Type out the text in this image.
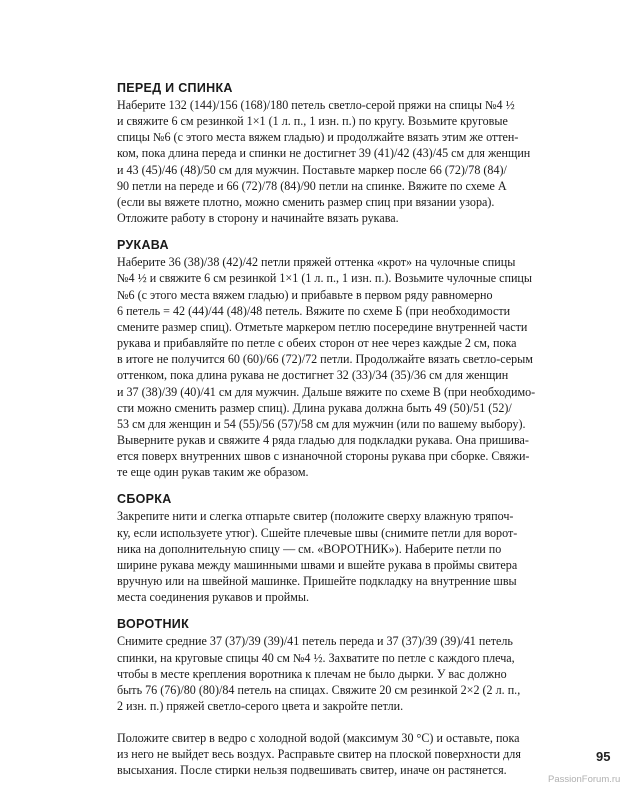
ПЕРЕД И СПИНКА

Наберите 132 (144)/156 (168)/180 петель светло-серой пряжи на спицы №4 ½
и свяжите 6 см резинкой 1×1 (1 л. п., 1 изн. п.) по кругу. Возьмите круговые
спицы №6 (с этого места вяжем гладью) и продолжайте вязать этим же оттен-
ком, пока длина переда и спинки не достигнет 39 (41)/42 (43)/45 см для женщин
и 43 (45)/46 (48)/50 см для мужчин. Поставьте маркер после 66 (72)/78 (84)/
90 петли на переде и 66 (72)/78 (84)/90 петли на спинке. Вяжите по схеме А
(если вы вяжете плотно, можно сменить размер спиц при вязании узора).
Отложите работу в сторону и начинайте вязать рукава.

РУКАВА

Наберите 36 (38)/38 (42)/42 петли пряжей оттенка «крот» на чулочные спицы
№4 ½ и свяжите 6 см резинкой 1×1 (1 л. п., 1 изн. п.). Возьмите чулочные спицы
№6 (с этого места вяжем гладью) и прибавьте в первом ряду равномерно
6 петель = 42 (44)/44 (48)/48 петель. Вяжите по схеме Б (при необходимости
смените размер спиц). Отметьте маркером петлю посередине внутренней части
рукава и прибавляйте по петле с обеих сторон от нее через каждые 2 см, пока
в итоге не получится 60 (60)/66 (72)/72 петли. Продолжайте вязать светло-серым
оттенком, пока длина рукава не достигнет 32 (33)/34 (35)/36 см для женщин
и 37 (38)/39 (40)/41 см для мужчин. Дальше вяжите по схеме В (при необходимо-
сти можно сменить размер спиц). Длина рукава должна быть 49 (50)/51 (52)/
53 см для женщин и 54 (55)/56 (57)/58 см для мужчин (или по вашему выбору).
Выверните рукав и свяжите 4 ряда гладью для подкладки рукава. Она пришива-
ется поверх внутренних швов с изнаночной стороны рукава при сборке. Свяжи-
те еще один рукав таким же образом.

СБОРКА

Закрепите нити и слегка отпарьте свитер (положите сверху влажную тряпоч-
ку, если используете утюг). Сшейте плечевые швы (снимите петли для ворот-
ника на дополнительную спицу — см. «ВОРОТНИК»). Наберите петли по
ширине рукава между машинными швами и вшейте рукава в проймы свитера
вручную или на швейной машинке. Пришейте подкладку на внутренние швы
места соединения рукавов и проймы.

ВОРОТНИК

Снимите средние 37 (37)/39 (39)/41 петель переда и 37 (37)/39 (39)/41 петель
спинки, на круговые спицы 40 см №4 ½. Захватите по петле с каждого плеча,
чтобы в месте крепления воротника к плечам не было дырки. У вас должно
быть 76 (76)/80 (80)/84 петель на спицах. Свяжите 20 см резинкой 2×2 (2 л. п.,
2 изн. п.) пряжей светло-серого цвета и закройте петли.

Положите свитер в ведро с холодной водой (максимум 30 °С) и оставьте, пока
из него не выйдет весь воздух. Расправьте свитер на плоской поверхности для
высыхания. После стирки нельзя подвешивать свитер, иначе он растянется.

95
PassionForum.ru
